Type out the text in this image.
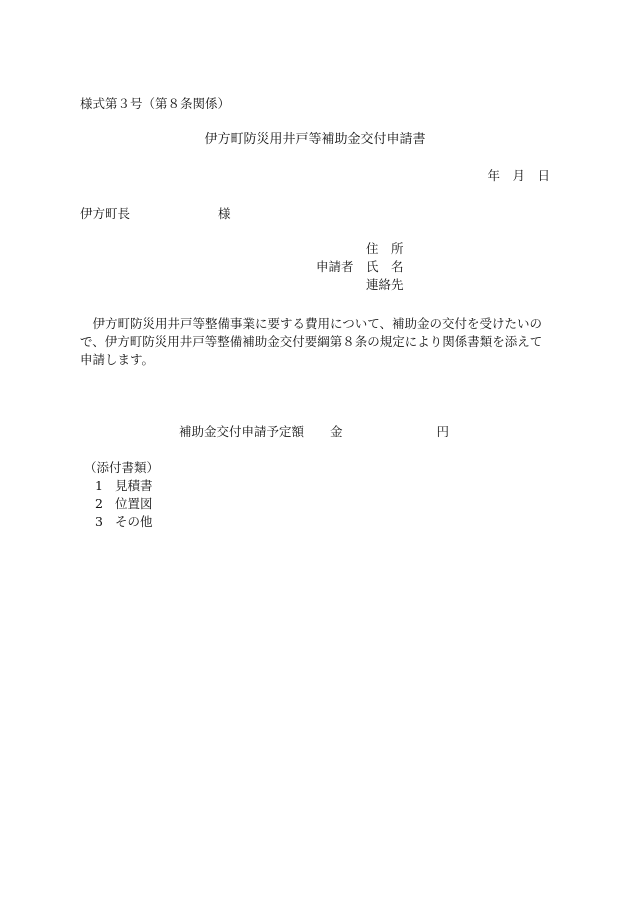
様式第３号（第８条関係）
伊方町防災用井戸等補助金交付申請書
年　月　日
伊方町長	様
住　所
申請者 氏　名
連絡先
伊方町防災用井戸等整備事業に要する費用について、補助金の交付を受けたいので、伊方町防災用井戸等整備補助金交付要綱第８条の規定により関係書類を添えて申請します。
補助金交付申請予定額 金	円
（添付書類）
1 見積書
2 位置図
3 その他
